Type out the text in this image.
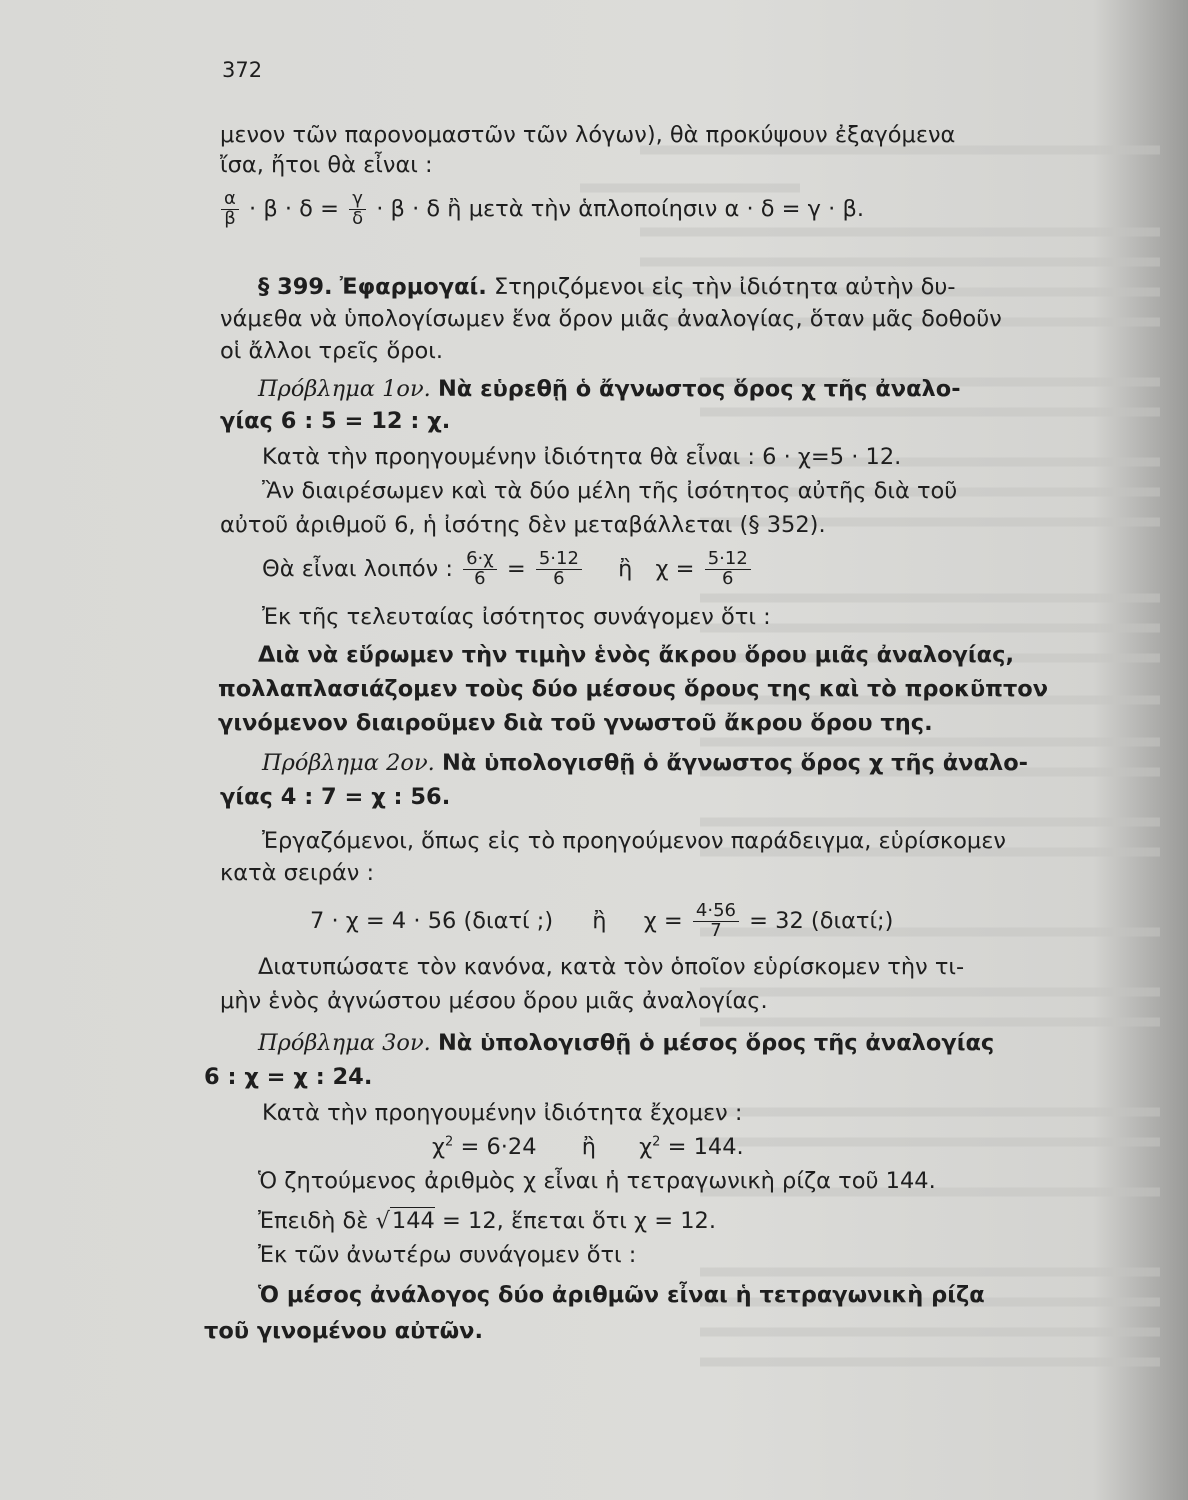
372
μενον τῶν παρονομαστῶν τῶν λόγων), θὰ προκύψουν ἐξαγόμενα
ἴσα, ἤτοι θὰ εἶναι :
$\frac{\alpha}{\beta} \cdot \beta \cdot \delta = \frac{\gamma}{\delta} \cdot \beta \cdot \delta$ ἢ μετὰ τὴν ἁπλοποίησιν α · δ = γ · β.
§ 399. Ἐφαρμογαί. Στηριζόμενοι εἰς τὴν ἰδιότητα αὐτὴν δυ-
νάμεθα νὰ ὑπολογίσωμεν ἕνα ὅρον μιᾶς ἀναλογίας, ὅταν μᾶς δοθοῦν
οἱ ἄλλοι τρεῖς ὅροι.
Πρόβλημα 1ον. Νὰ εὑρεθῇ ὁ ἄγνωστος ὅρος χ τῆς ἀναλο-
γίας 6 : 5 = 12 : χ.
Κατὰ τὴν προηγουμένην ἰδιότητα θὰ εἶναι : 6 · χ=5 · 12.
Ἂν διαιρέσωμεν καὶ τὰ δύο μέλη τῆς ἰσότητος αὐτῆς διὰ τοῦ
αὐτοῦ ἀριθμοῦ 6, ἡ ἰσότης δὲν μεταβάλλεται (§ 352).
Θὰ εἶναι λοιπόν : $\frac{6\cdot\chi}{6} = \frac{5\cdot 12}{6}$ ἢ $\chi = \frac{5\cdot 12}{6}$
Ἐκ τῆς τελευταίας ἰσότητος συνάγομεν ὅτι :
Διὰ νὰ εὕρωμεν τὴν τιμὴν ἑνὸς ἄκρου ὅρου μιᾶς ἀναλογίας,
πολλαπλασιάζομεν τοὺς δύο μέσους ὅρους της καὶ τὸ προκῦπτον
γινόμενον διαιροῦμεν διὰ τοῦ γνωστοῦ ἄκρου ὅρου της.
Πρόβλημα 2ον. Νὰ ὑπολογισθῇ ὁ ἄγνωστος ὅρος χ τῆς ἀναλο-
γίας 4 : 7 = χ : 56.
Ἐργαζόμενοι, ὅπως εἰς τὸ προηγούμενον παράδειγμα, εὑρίσκομεν
κατὰ σειράν :
7 · χ = 4 · 56 (διατί ;) ἢ $\chi = \frac{4\cdot 56}{7} = 32$ (διατί;)
Διατυπώσατε τὸν κανόνα, κατὰ τὸν ὁποῖον εὑρίσκομεν τὴν τι-
μὴν ἑνὸς ἀγνώστου μέσου ὅρου μιᾶς ἀναλογίας.
Πρόβλημα 3ον. Νὰ ὑπολογισθῇ ὁ μέσος ὅρος τῆς ἀναλογίας
6 : χ = χ : 24.
Κατὰ τὴν προηγουμένην ἰδιότητα ἔχομεν :
$\chi^2 = 6\cdot 24$ ἢ $\chi^2 = 144$.
Ὁ ζητούμενος ἀριθμὸς χ εἶναι ἡ τετραγωνικὴ ρίζα τοῦ 144.
Ἐπειδὴ δὲ √144 = 12, ἕπεται ὅτι χ = 12.
Ἐκ τῶν ἀνωτέρω συνάγομεν ὅτι :
Ὁ μέσος ἀνάλογος δύο ἀριθμῶν εἶναι ἡ τετραγωνικὴ ρίζα
τοῦ γινομένου αὐτῶν.
